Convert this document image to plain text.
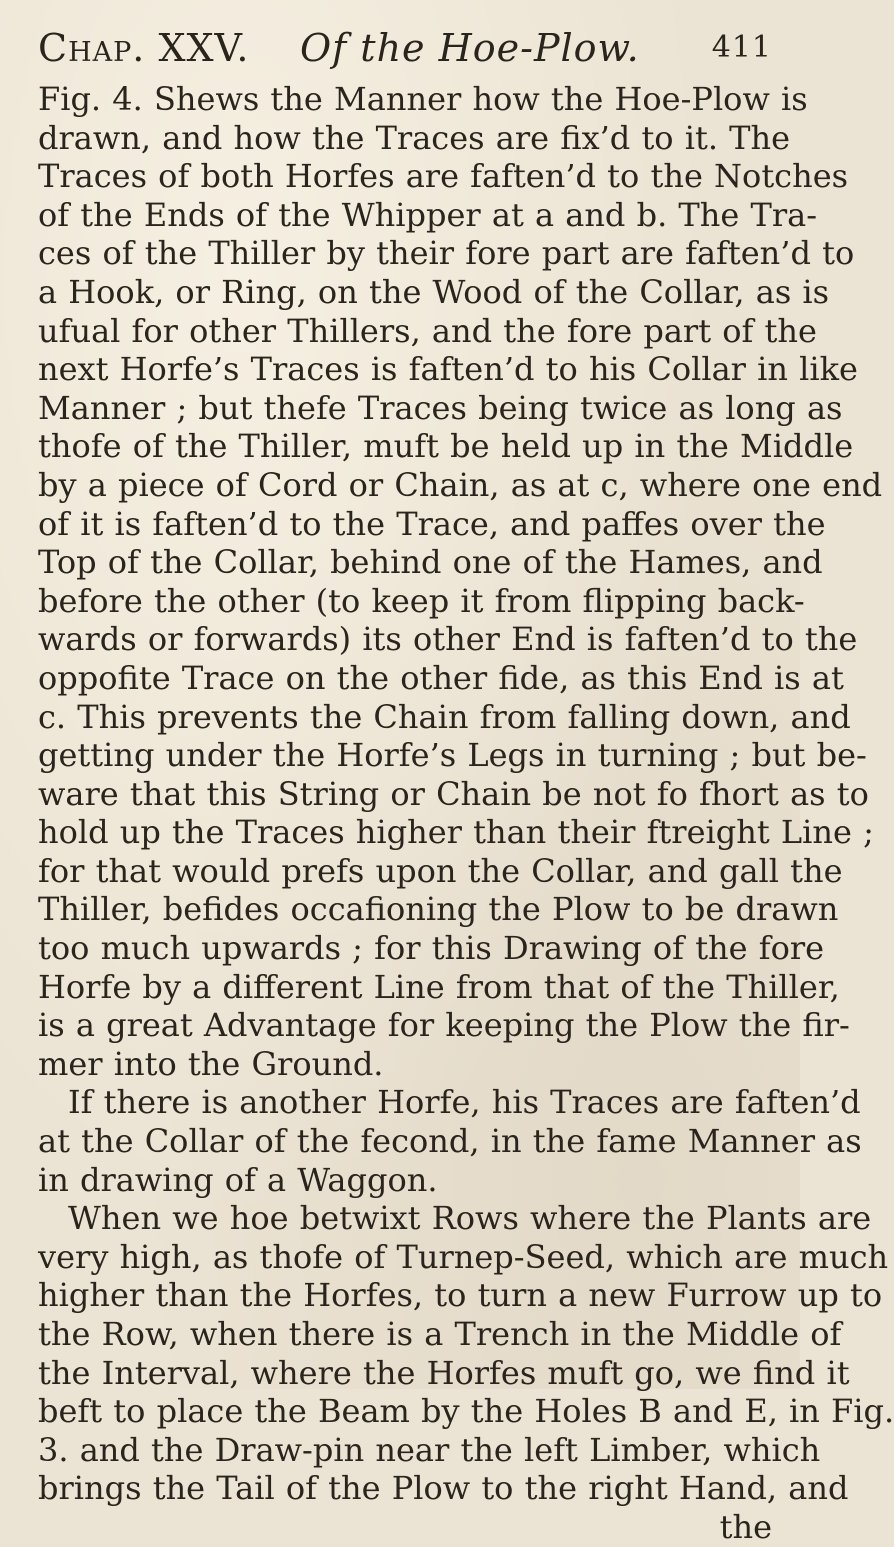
Chap. XXV. Of the Hoe-Plow. 411
Fig. 4. Shews the Manner how the Hoe-Plow is
drawn, and how the Traces are fix’d to it. The
Traces of both Horfes are faften’d to the Notches
of the Ends of the Whipper at a and b. The Tra-
ces of the Thiller by their fore part are faften’d to
a Hook, or Ring, on the Wood of the Collar, as is
ufual for other Thillers, and the fore part of the
next Horfe’s Traces is faften’d to his Collar in like
Manner ; but thefe Traces being twice as long as
thofe of the Thiller, muft be held up in the Middle
by a piece of Cord or Chain, as at c, where one end
of it is faften’d to the Trace, and paffes over the
Top of the Collar, behind one of the Hames, and
before the other (to keep it from flipping back-
wards or forwards) its other End is faften’d to the
oppofite Trace on the other fide, as this End is at
c. This prevents the Chain from falling down, and
getting under the Horfe’s Legs in turning ; but be-
ware that this String or Chain be not fo fhort as to
hold up the Traces higher than their ftreight Line ;
for that would prefs upon the Collar, and gall the
Thiller, befides occafioning the Plow to be drawn
too much upwards ; for this Drawing of the fore
Horfe by a different Line from that of the Thiller,
is a great Advantage for keeping the Plow the fir-
mer into the Ground.
If there is another Horfe, his Traces are faften’d
at the Collar of the fecond, in the fame Manner as
in drawing of a Waggon.
When we hoe betwixt Rows where the Plants are
very high, as thofe of Turnep-Seed, which are much
higher than the Horfes, to turn a new Furrow up to
the Row, when there is a Trench in the Middle of
the Interval, where the Horfes muft go, we find it
beft to place the Beam by the Holes B and E, in Fig.
3. and the Draw-pin near the left Limber, which
brings the Tail of the Plow to the right Hand, and
the
